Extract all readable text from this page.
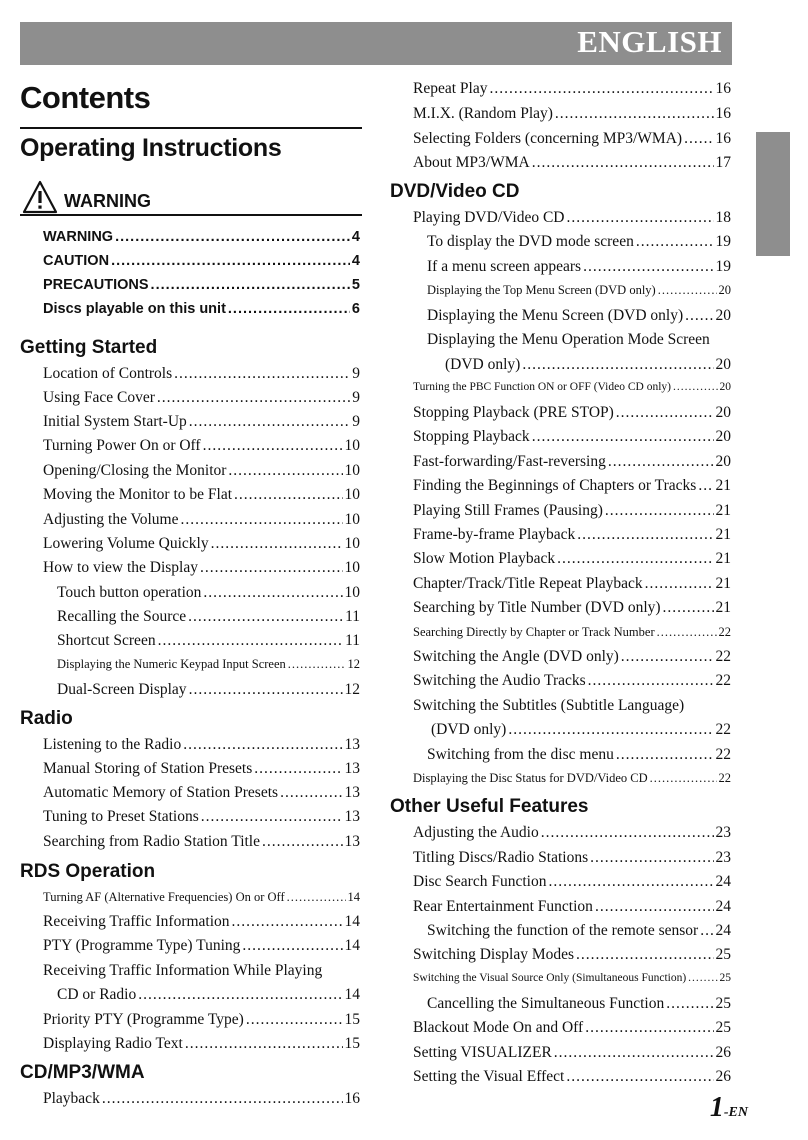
ENGLISH
Contents
Operating Instructions
WARNING
WARNING .....	4
CAUTION .....	4
PRECAUTIONS .....	5
Discs playable on this unit .....	6
Getting Started
Location of Controls .....	9
Using Face Cover .....	9
Initial System Start-Up .....	9
Turning Power On or Off .....	10
Opening/Closing the Monitor .....	10
Moving the Monitor to be Flat .....	10
Adjusting the Volume .....	10
Lowering Volume Quickly .....	10
How to view the Display .....	10
Touch button operation .....	10
Recalling the Source .....	11
Shortcut Screen .....	11
Displaying the Numeric Keypad Input Screen .....	12
Dual-Screen Display .....	12
Radio
Listening to the Radio .....	13
Manual Storing of Station Presets .....	13
Automatic Memory of Station Presets .....	13
Tuning to Preset Stations .....	13
Searching from Radio Station Title .....	13
RDS Operation
Turning AF (Alternative Frequencies) On or Off .....	14
Receiving Traffic Information .....	14
PTY (Programme Type) Tuning .....	14
Receiving Traffic Information While Playing
CD or Radio .....	14
Priority PTY (Programme Type) .....	15
Displaying Radio Text .....	15
CD/MP3/WMA
Playback .....	16
Repeat Play .....	16
M.I.X. (Random Play) .....	16
Selecting Folders (concerning MP3/WMA) ..... 16
About MP3/WMA .....	17
DVD/Video CD
Playing DVD/Video CD .....	18
To display the DVD mode screen .....	19
If a menu screen appears .....	19
Displaying the Top Menu Screen (DVD only) .....	20
Displaying the Menu Screen (DVD only) ..... 20
Displaying the Menu Operation Mode Screen
(DVD only) .....	20
Turning the PBC Function ON or OFF (Video CD only) .....	20
Stopping Playback (PRE STOP) .....	20
Stopping Playback .....	20
Fast-forwarding/Fast-reversing .....	20
Finding the Beginnings of Chapters or Tracks ..... 21
Playing Still Frames (Pausing) .....	21
Frame-by-frame Playback .....	21
Slow Motion Playback .....	21
Chapter/Track/Title Repeat Playback .....	21
Searching by Title Number (DVD only) .....	21
Searching Directly by Chapter or Track Number .....	22
Switching the Angle (DVD only) .....	22
Switching the Audio Tracks .....	22
Switching the Subtitles (Subtitle Language)
(DVD only) .....	22
Switching from the disc menu .....	22
Displaying the Disc Status for DVD/Video CD .....	22
Other Useful Features
Adjusting the Audio .....	23
Titling Discs/Radio Stations .....	23
Disc Search Function .....	24
Rear Entertainment Function .....	24
Switching the function of the remote sensor ..... 24
Switching Display Modes .....	25
Switching the Visual Source Only (Simultaneous Function) .....	25
Cancelling the Simultaneous Function .....	25
Blackout Mode On and Off .....	25
Setting VISUALIZER .....	26
Setting the Visual Effect .....	26
1-EN
